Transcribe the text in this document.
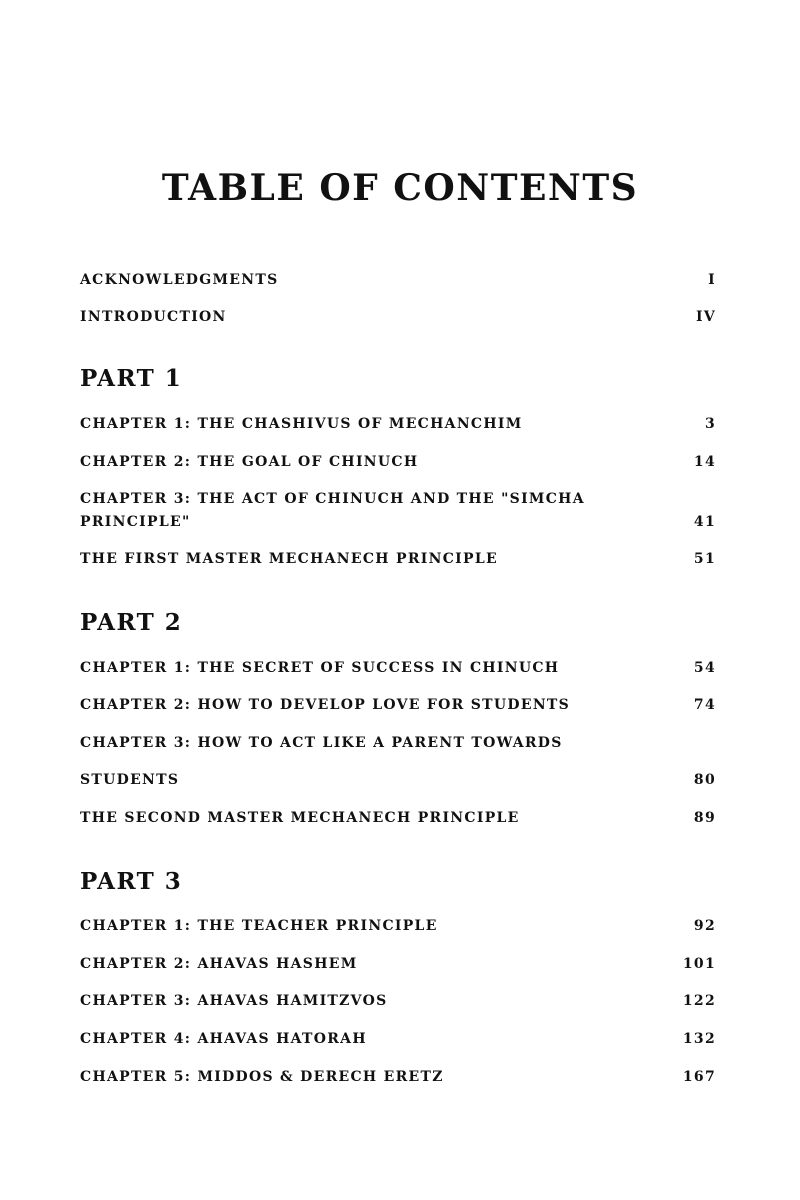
TABLE OF CONTENTS
ACKNOWLEDGMENTS	I
INTRODUCTION	IV
PART 1
CHAPTER 1: THE CHASHIVUS OF MECHANCHIM	3
CHAPTER 2: THE GOAL OF CHINUCH	14
CHAPTER 3: THE ACT OF CHINUCH AND THE "SIMCHA
PRINCIPLE"	41
THE FIRST MASTER MECHANECH PRINCIPLE	51
PART 2
CHAPTER 1: THE SECRET OF SUCCESS IN CHINUCH	54
CHAPTER 2: HOW TO DEVELOP LOVE FOR STUDENTS	74
CHAPTER 3: HOW TO ACT LIKE A PARENT TOWARDS
STUDENTS	80
THE SECOND MASTER MECHANECH PRINCIPLE	89
PART 3
CHAPTER 1: THE TEACHER PRINCIPLE	92
CHAPTER 2: AHAVAS HASHEM	101
CHAPTER 3: AHAVAS HAMITZVOS	122
CHAPTER 4: AHAVAS HATORAH	132
CHAPTER 5: MIDDOS & DERECH ERETZ	167
